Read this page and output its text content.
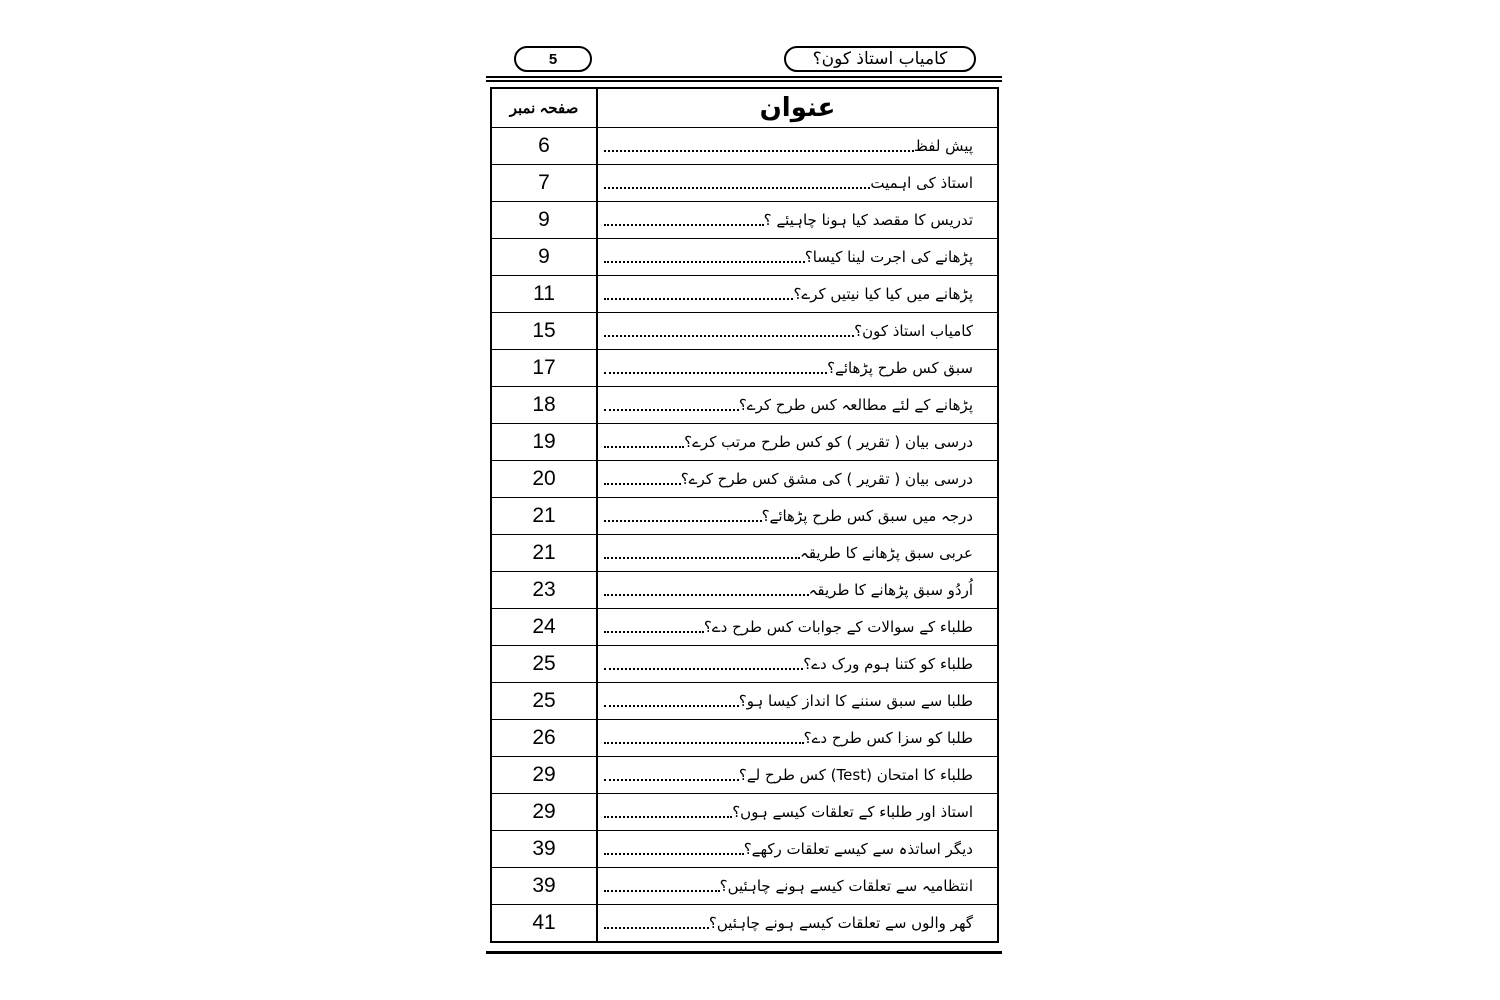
5	کامیاب استاذ کون؟
صفحہ نمبر	عنوان
6	پیش لفظ
7	استاذ کی اہمیت
9	تدریس کا مقصد کیا ہونا چاہیئے ؟
9	پڑھانے کی اجرت لینا کیسا؟
11	پڑھانے میں کیا کیا نیتیں کرے؟
15	کامیاب استاذ کون؟
17	سبق کس طرح پڑھائے؟
18	پڑھانے کے لئے مطالعہ کس طرح کرے؟
19	درسی بیان ( تقریر ) کو کس طرح مرتب کرے؟
20	درسی بیان ( تقریر ) کی مشق کس طرح کرے؟
21	درجہ میں سبق کس طرح پڑھائے؟
21	عربی سبق پڑھانے کا طریقہ
23	اُردُو سبق پڑھانے کا طریقہ
24	طلباء کے سوالات کے جوابات کس طرح دے؟
25	طلباء کو کتنا ہوم ورک دے؟
25	طلبا سے سبق سننے کا انداز کیسا ہو؟
26	طلبا کو سزا کس طرح دے؟
29	طلباء کا امتحان (Test) کس طرح لے؟
29	استاذ اور طلباء کے تعلقات کیسے ہوں؟
39	دیگر اساتذہ سے کیسے تعلقات رکھے؟
39	انتظامیہ سے تعلقات کیسے ہونے چاہئیں؟
41	گھر والوں سے تعلقات کیسے ہونے چاہئیں؟
